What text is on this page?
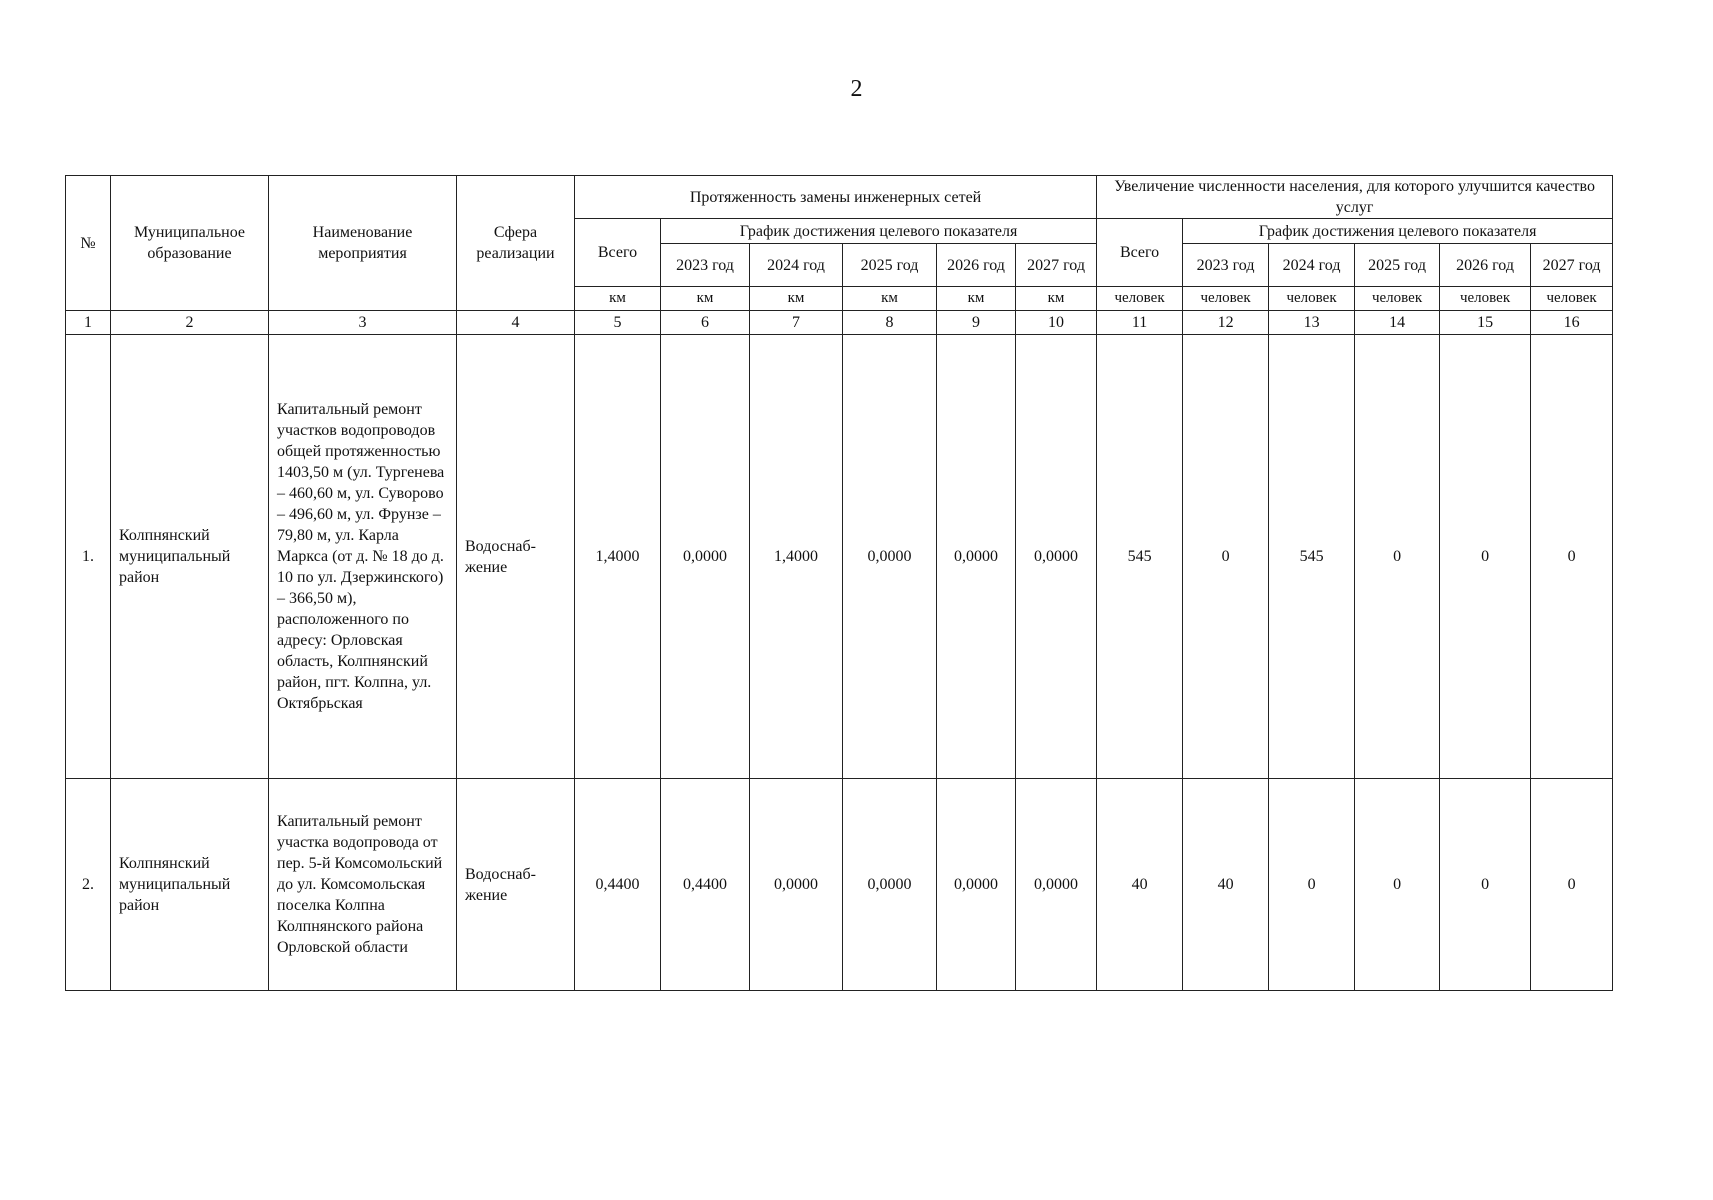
2
№	Муниципальное образование	Наименование мероприятия	Сфера реализации	Протяженность замены инженерных сетей						Увеличение численности населения, для которого улучшится качество услуг					
				Всего	График достижения целевого показателя					Всего	График достижения целевого показателя				
					2023 год	2024 год	2025 год	2026 год	2027 год		2023 год	2024 год	2025 год	2026 год	2027 год
				км	км	км	км	км	км	человек	человек	человек	человек	человек	человек
1	2	3	4	5	6	7	8	9	10	11	12	13	14	15	16
1.	Колпнянский муниципальный район	Капитальный ремонт участков водопроводов общей протяженностью 1403,50 м (ул. Тургенева – 460,60 м, ул. Суворово – 496,60 м, ул. Фрунзе – 79,80 м, ул. Карла Маркса (от д. № 18 до д. 10 по ул. Дзержинского) – 366,50 м), расположенного по адресу: Орловская область, Колпнянский район, пгт. Колпна, ул. Октябрьская	Водоснаб-жение	1,4000	0,0000	1,4000	0,0000	0,0000	0,0000	545	0	545	0	0	0
2.	Колпнянский муниципальный район	Капитальный ремонт участка водопровода от пер. 5-й Комсомольский до ул. Комсомольская поселка Колпна Колпнянского района Орловской области	Водоснаб-жение	0,4400	0,4400	0,0000	0,0000	0,0000	0,0000	40	40	0	0	0	0
